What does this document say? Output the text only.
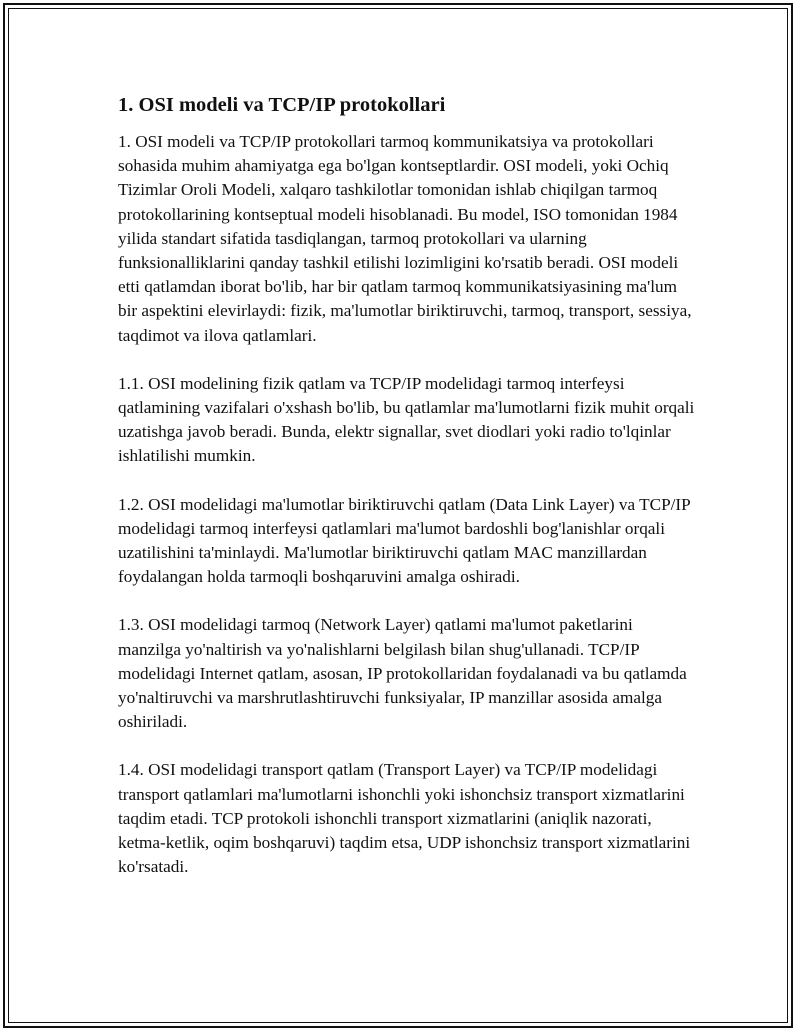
1. OSI modeli va TCP/IP protokollari

1. OSI modeli va TCP/IP protokollari tarmoq kommunikatsiya va protokollari sohasida muhim ahamiyatga ega bo'lgan kontseptlardir. OSI modeli, yoki Ochiq Tizimlar Oroli Modeli, xalqaro tashkilotlar tomonidan ishlab chiqilgan tarmoq protokollarining kontseptual modeli hisoblanadi. Bu model, ISO tomonidan 1984 yilida standart sifatida tasdiqlangan, tarmoq protokollari va ularning funksionalliklarini qanday tashkil etilishi lozimligini ko'rsatib beradi. OSI modeli etti qatlamdan iborat bo'lib, har bir qatlam tarmoq kommunikatsiyasining ma'lum bir aspektini elevirlaydi: fizik, ma'lumotlar biriktiruvchi, tarmoq, transport, sessiya, taqdimot va ilova qatlamlari.

1.1. OSI modelining fizik qatlam va TCP/IP modelidagi tarmoq interfeysi qatlamining vazifalari o'xshash bo'lib, bu qatlamlar ma'lumotlarni fizik muhit orqali uzatishga javob beradi. Bunda, elektr signallar, svet diodlari yoki radio to'lqinlar ishlatilishi mumkin.

1.2. OSI modelidagi ma'lumotlar biriktiruvchi qatlam (Data Link Layer) va TCP/IP modelidagi tarmoq interfeysi qatlamlari ma'lumot bardoshli bog'lanishlar orqali uzatilishini ta'minlaydi. Ma'lumotlar biriktiruvchi qatlam MAC manzillardan foydalangan holda tarmoqli boshqaruvini amalga oshiradi.

1.3. OSI modelidagi tarmoq (Network Layer) qatlami ma'lumot paketlarini manzilga yo'naltirish va yo'nalishlarni belgilash bilan shug'ullanadi. TCP/IP modelidagi Internet qatlam, asosan, IP protokollaridan foydalanadi va bu qatlamda yo'naltiruvchi va marshrutlashtiruvchi funksiyalar, IP manzillar asosida amalga oshiriladi.

1.4. OSI modelidagi transport qatlam (Transport Layer) va TCP/IP modelidagi transport qatlamlari ma'lumotlarni ishonchli yoki ishonchsiz transport xizmatlarini taqdim etadi. TCP protokoli ishonchli transport xizmatlarini (aniqlik nazorati, ketma-ketlik, oqim boshqaruvi) taqdim etsa, UDP ishonchsiz transport xizmatlarini ko'rsatadi.
